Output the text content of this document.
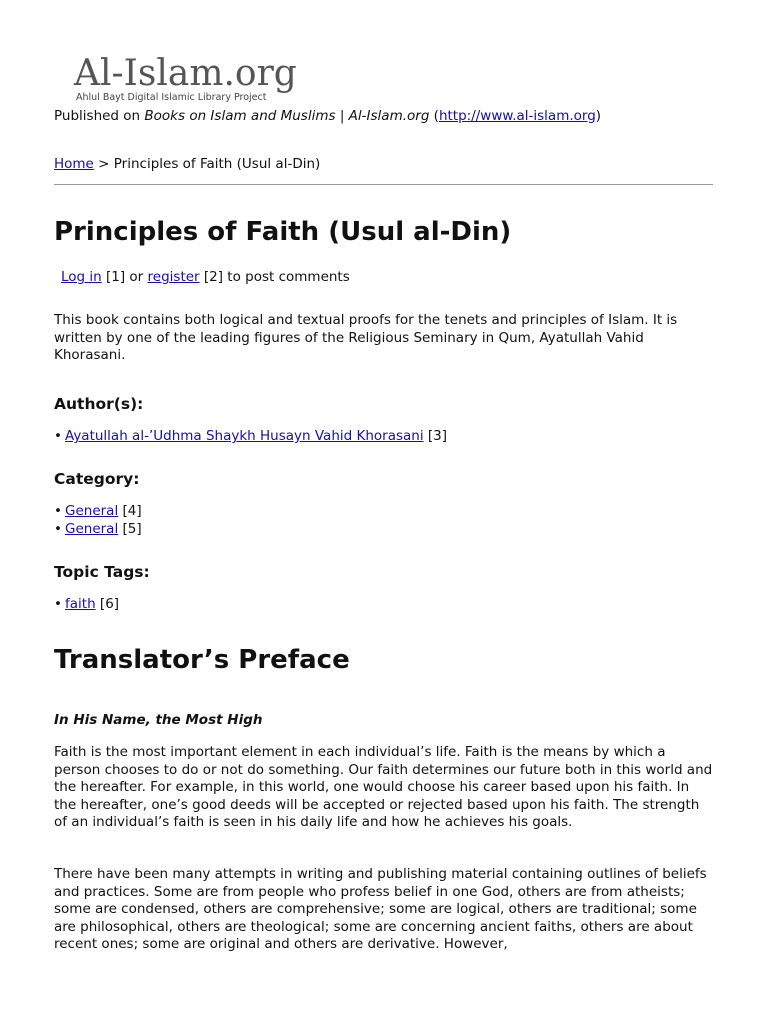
Al-Islam.org
Ahlul Bayt Digital Islamic Library Project
Published on Books on Islam and Muslims | Al-Islam.org (http://www.al-islam.org)
Home > Principles of Faith (Usul al-Din)
Principles of Faith (Usul al-Din)
Log in [1] or register [2] to post comments

This book contains both logical and textual proofs for the tenets and principles of Islam. It is written by one of the leading figures of the Religious Seminary in Qum, Ayatullah Vahid Khorasani.

Author(s):
• Ayatullah al-’Udhma Shaykh Husayn Vahid Khorasani [3]
Category:
• General [4]
• General [5]
Topic Tags:
• faith [6]
Translator’s Preface

In His Name, the Most High

Faith is the most important element in each individual’s life. Faith is the means by which a person chooses to do or not do something. Our faith determines our future both in this world and the hereafter. For example, in this world, one would choose his career based upon his faith. In the hereafter, one’s good deeds will be accepted or rejected based upon his faith. The strength of an individual’s faith is seen in his daily life and how he achieves his goals.

There have been many attempts in writing and publishing material containing outlines of beliefs and practices. Some are from people who profess belief in one God, others are from atheists; some are condensed, others are comprehensive; some are logical, others are traditional; some are philosophical, others are theological; some are concerning ancient faiths, others are about recent ones; some are original and others are derivative. However,
